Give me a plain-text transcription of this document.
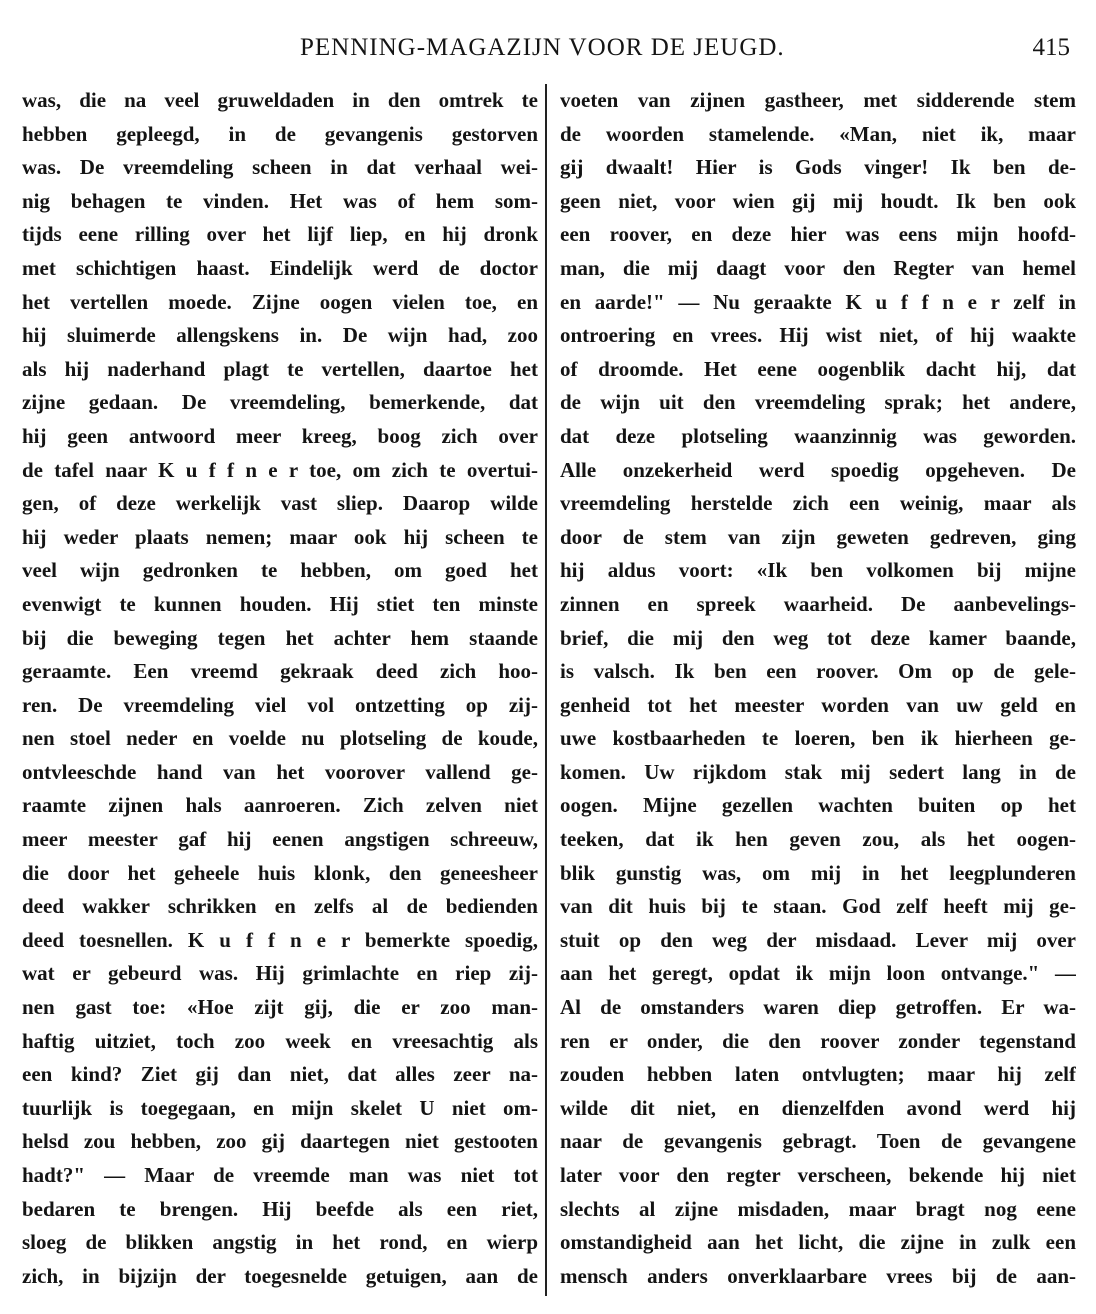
PENNING-MAGAZIJN VOOR DE JEUGD.	415
was, die na veel gruweldaden in den omtrek te
hebben gepleegd, in de gevangenis gestorven
was. De vreemdeling scheen in dat verhaal wei-
nig behagen te vinden. Het was of hem som-
tijds eene rilling over het lijf liep, en hij dronk
met schichtigen haast. Eindelijk werd de doctor
het vertellen moede. Zijne oogen vielen toe, en
hij sluimerde allengskens in. De wijn had, zoo
als hij naderhand plagt te vertellen, daartoe het
zijne gedaan. De vreemdeling, bemerkende, dat
hij geen antwoord meer kreeg, boog zich over
de tafel naar K u f f n e r toe, om zich te overtui-
gen, of deze werkelijk vast sliep. Daarop wilde
hij weder plaats nemen; maar ook hij scheen te
veel wijn gedronken te hebben, om goed het
evenwigt te kunnen houden. Hij stiet ten minste
bij die beweging tegen het achter hem staande
geraamte. Een vreemd gekraak deed zich hoo-
ren. De vreemdeling viel vol ontzetting op zij-
nen stoel neder en voelde nu plotseling de koude,
ontvleeschde hand van het voorover vallend ge-
raamte zijnen hals aanroeren. Zich zelven niet
meer meester gaf hij eenen angstigen schreeuw,
die door het geheele huis klonk, den geneesheer
deed wakker schrikken en zelfs al de bedienden
deed toesnellen. K u f f n e r bemerkte spoedig,
wat er gebeurd was. Hij grimlachte en riep zij-
nen gast toe: «Hoe zijt gij, die er zoo man-
haftig uitziet, toch zoo week en vreesachtig als
een kind? Ziet gij dan niet, dat alles zeer na-
tuurlijk is toegegaan, en mijn skelet U niet om-
helsd zou hebben, zoo gij daartegen niet gestooten
hadt?" — Maar de vreemde man was niet tot
bedaren te brengen. Hij beefde als een riet,
sloeg de blikken angstig in het rond, en wierp
zich, in bijzijn der toegesnelde getuigen, aan de
voeten van zijnen gastheer, met sidderende stem
de woorden stamelende. «Man, niet ik, maar
gij dwaalt! Hier is Gods vinger! Ik ben de-
geen niet, voor wien gij mij houdt. Ik ben ook
een roover, en deze hier was eens mijn hoofd-
man, die mij daagt voor den Regter van hemel
en aarde!" — Nu geraakte K u f f n e r zelf in
ontroering en vrees. Hij wist niet, of hij waakte
of droomde. Het eene oogenblik dacht hij, dat
de wijn uit den vreemdeling sprak; het andere,
dat deze plotseling waanzinnig was geworden.
Alle onzekerheid werd spoedig opgeheven. De
vreemdeling herstelde zich een weinig, maar als
door de stem van zijn geweten gedreven, ging
hij aldus voort: «Ik ben volkomen bij mijne
zinnen en spreek waarheid. De aanbevelings-
brief, die mij den weg tot deze kamer baande,
is valsch. Ik ben een roover. Om op de gele-
genheid tot het meester worden van uw geld en
uwe kostbaarheden te loeren, ben ik hierheen ge-
komen. Uw rijkdom stak mij sedert lang in de
oogen. Mijne gezellen wachten buiten op het
teeken, dat ik hen geven zou, als het oogen-
blik gunstig was, om mij in het leegplunderen
van dit huis bij te staan. God zelf heeft mij ge-
stuit op den weg der misdaad. Lever mij over
aan het geregt, opdat ik mijn loon ontvange." —
Al de omstanders waren diep getroffen. Er wa-
ren er onder, die den roover zonder tegenstand
zouden hebben laten ontvlugten; maar hij zelf
wilde dit niet, en dienzelfden avond werd hij
naar de gevangenis gebragt. Toen de gevangene
later voor den regter verscheen, bekende hij niet
slechts al zijne misdaden, maar bragt nog eene
omstandigheid aan het licht, die zijne in zulk een
mensch anders onverklaarbare vrees bij de aan-
